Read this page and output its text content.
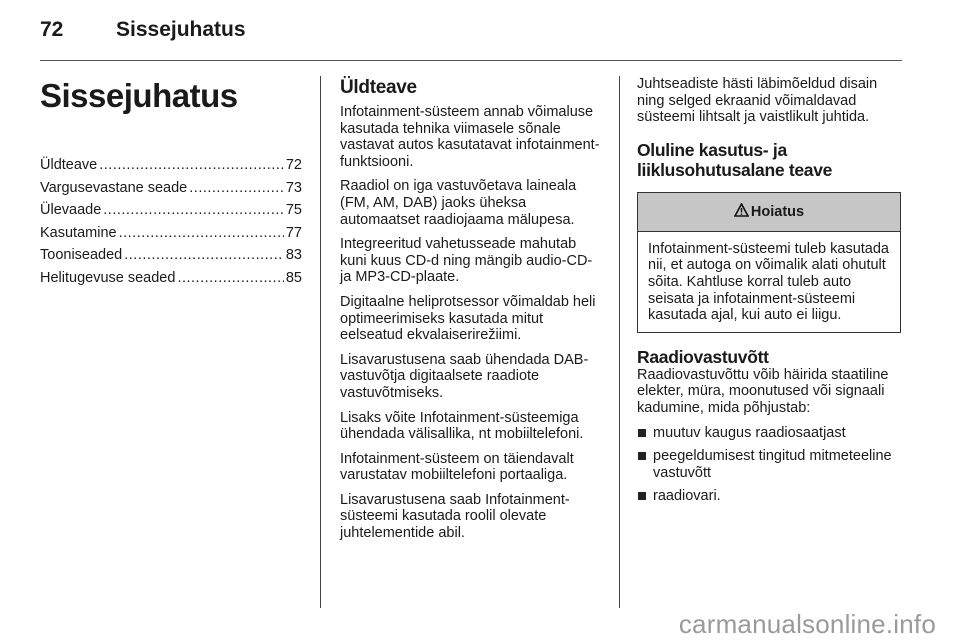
72	Sissejuhatus
Sissejuhatus
Üldteave .....	72
Vargusevastane seade .....	73
Ülevaade .....	75
Kasutamine .....	77
Tooniseaded .....	83
Helitugevuse seaded .....	85
Üldteave

Infotainment-süsteem annab võimaluse kasutada tehnika viimasele sõnale vastavat autos kasutatavat infotainment-funktsiooni.

Raadiol on iga vastuvõetava laineala (FM, AM, DAB) jaoks üheksa automaatset raadiojaama mälupesa.

Integreeritud vahetusseade mahutab kuni kuus CD-d ning mängib audio-CD- ja MP3-CD-plaate.

Digitaalne heliprotsessor võimaldab heli optimeerimiseks kasutada mitut eelseatud ekvalaiserirežiimi.

Lisavarustusena saab ühendada DAB-vastuvõtja digitaalsete raadiote vastuvõtmiseks.

Lisaks võite Infotainment-süsteemiga ühendada välisallika, nt mobiiltelefoni.

Infotainment-süsteem on täiendavalt varustatav mobiiltelefoni portaaliga.

Lisavarustusena saab Infotainment-süsteemi kasutada roolil olevate juhtelementide abil.

Juhtseadiste hästi läbimõeldud disain ning selged ekraanid võimaldavad süsteemi lihtsalt ja vaistlikult juhtida.

Oluline kasutus- ja liiklusohutusalane teave
Hoiatus
Infotainment-süsteemi tuleb kasutada nii, et autoga on võimalik alati ohutult sõita. Kahtluse korral tuleb auto seisata ja infotainment-süsteemi kasutada ajal, kui auto ei liigu.
Raadiovastuvõtt

Raadiovastuvõttu võib häirida staatiline elekter, müra, moonutused või signaali kadumine, mida põhjustab:

muutuv kaugus raadiosaatjast
peegeldumisest tingitud mitmeteeline vastuvõtt
raadiovari.
carmanualsonline.info
